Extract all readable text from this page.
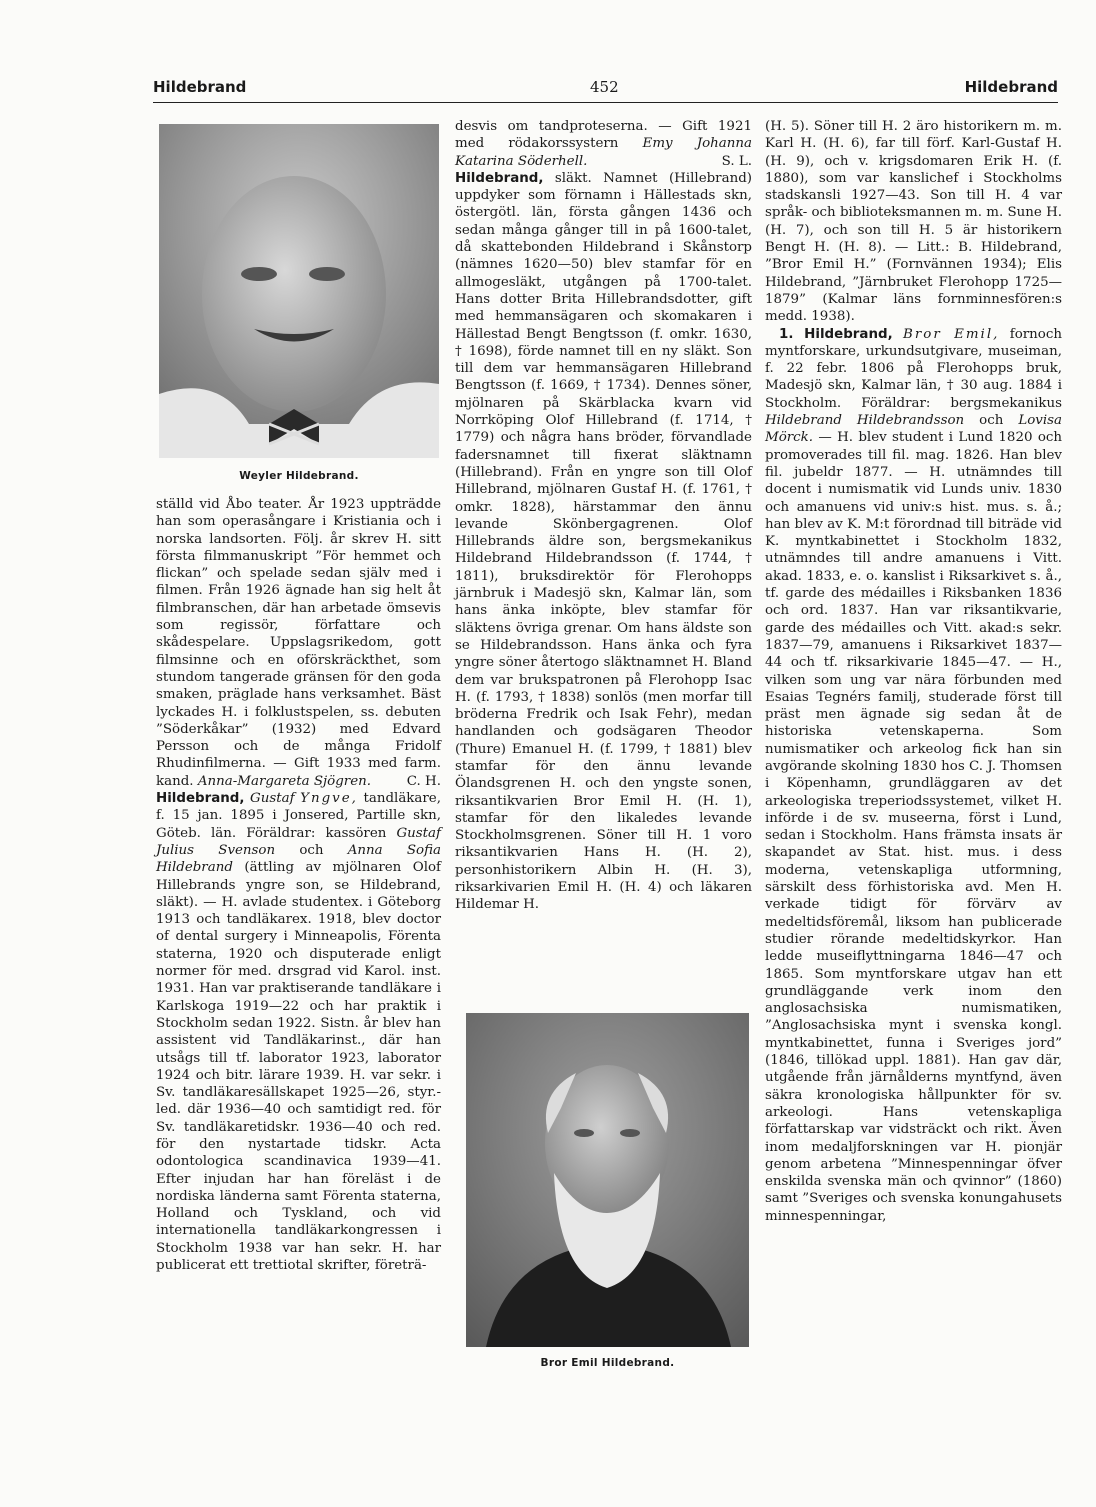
Hildebrand	452	Hildebrand
Weyler Hildebrand.
Bror Emil Hildebrand.

ställd vid Åbo teater. År 1923 uppträdde han som operasångare i Kristiania och i norska landsorten. Följ. år skrev H. sitt första filmmanuskript ”För hemmet och flickan” och spelade sedan själv med i filmen. Från 1926 ägnade han sig helt åt filmbranschen, där han arbetade ömsevis som regissör, författare och skådespelare. Uppslagsrikedom, gott filmsinne och en oförskräckthet, som stundom tangerade gränsen för den goda smaken, präglade hans verksamhet. Bäst lyckades H. i folklustspelen, ss. debuten ”Söderkåkar” (1932) med Edvard Persson och de många Fridolf Rhudinfilmerna. — Gift 1933 med farm. kand. Anna-Margareta Sjögren.	C. H.

Hildebrand, Gustaf Yngve, tandläkare, f. 15 jan. 1895 i Jonsered, Partille skn, Göteb. län. Föräldrar: kassören Gustaf Julius Svenson och Anna Sofia Hildebrand (ättling av mjölnaren Olof Hillebrands yngre son, se Hildebrand, släkt). — H. avlade studentex. i Göteborg 1913 och tandläkarex. 1918, blev doctor of dental surgery i Minneapolis, Förenta staterna, 1920 och disputerade enligt normer för med. drsgrad vid Karol. inst. 1931. Han var praktiserande tandläkare i Karlskoga 1919—22 och har praktik i Stockholm sedan 1922. Sistn. år blev han assistent vid Tandläkarinst., där han utsågs till tf. laborator 1923, laborator 1924 och bitr. lärare 1939. H. var sekr. i Sv. tandläkaresällskapet 1925—26, styr.-led. där 1936—40 och samtidigt red. för Sv. tandläkaretidskr. 1936—40 och red. för den nystartade tidskr. Acta odontologica scandinavica 1939—41. Efter injudan har han föreläst i de nordiska länderna samt Förenta staterna, Holland och Tyskland, och vid internationella tandläkarkongressen i Stockholm 1938 var han sekr. H. har publicerat ett trettiotal skrifter, företrä-

desvis om tandproteserna. — Gift 1921 med rödakorssystern Emy Johanna Katarina Söderhell.	S. L.

Hildebrand, släkt. Namnet (Hillebrand) uppdyker som förnamn i Hällestads skn, östergötl. län, första gången 1436 och sedan många gånger till in på 1600-talet, då skattebonden Hildebrand i Skånstorp (nämnes 1620—50) blev stamfar för en allmogesläkt, utgången på 1700-talet. Hans dotter Brita Hillebrandsdotter, gift med hemmansägaren och skomakaren i Hällestad Bengt Bengtsson (f. omkr. 1630, † 1698), förde namnet till en ny släkt. Son till dem var hemmansägaren Hillebrand Bengtsson (f. 1669, † 1734). Dennes söner, mjölnaren på Skärblacka kvarn vid Norrköping Olof Hillebrand (f. 1714, † 1779) och några hans bröder, förvandlade fadersnamnet till fixerat släktnamn (Hillebrand). Från en yngre son till Olof Hillebrand, mjölnaren Gustaf H. (f. 1761, † omkr. 1828), härstammar den ännu levande Skönbergagrenen. Olof Hillebrands äldre son, bergsmekanikus Hildebrand Hildebrandsson (f. 1744, † 1811), bruksdirektör för Flerohopps järnbruk i Madesjö skn, Kalmar län, som hans änka inköpte, blev stamfar för släktens övriga grenar. Om hans äldste son se Hildebrandsson. Hans änka och fyra yngre söner återtogo släktnamnet H. Bland dem var brukspatronen på Flerohopp Isac H. (f. 1793, † 1838) sonlös (men morfar till bröderna Fredrik och Isak Fehr), medan handlanden och godsägaren Theodor (Thure) Emanuel H. (f. 1799, † 1881) blev stamfar för den ännu levande Ölandsgrenen H. och den yngste sonen, riksantikvarien Bror Emil H. (H. 1), stamfar för den likaledes levande Stockholmsgrenen. Söner till H. 1 voro riksantikvarien Hans H. (H. 2), personhistorikern Albin H. (H. 3), riksarkivarien Emil H. (H. 4) och läkaren Hildemar H.

(H. 5). Söner till H. 2 äro historikern m. m. Karl H. (H. 6), far till förf. Karl-Gustaf H. (H. 9), och v. krigsdomaren Erik H. (f. 1880), som var kanslichef i Stockholms stadskansli 1927—43. Son till H. 4 var språk- och biblioteksmannen m. m. Sune H. (H. 7), och son till H. 5 är historikern Bengt H. (H. 8). — Litt.: B. Hildebrand, ”Bror Emil H.” (Fornvännen 1934); Elis Hildebrand, ”Järnbruket Flerohopp 1725—1879” (Kalmar läns fornminnesfören:s medd. 1938).

1. Hildebrand, Bror Emil, fornoch myntforskare, urkundsutgivare, museiman, f. 22 febr. 1806 på Flerohopps bruk, Madesjö skn, Kalmar län, † 30 aug. 1884 i Stockholm. Föräldrar: bergsmekanikus Hildebrand Hildebrandsson och Lovisa Mörck. — H. blev student i Lund 1820 och promoverades till fil. mag. 1826. Han blev fil. jubeldr 1877. — H. utnämndes till docent i numismatik vid Lunds univ. 1830 och amanuens vid univ:s hist. mus. s. å.; han blev av K. M:t förordnad till biträde vid K. myntkabinettet i Stockholm 1832, utnämndes till andre amanuens i Vitt. akad. 1833, e. o. kanslist i Riksarkivet s. å., tf. garde des médailles i Riksbanken 1836 och ord. 1837. Han var riksantikvarie, garde des médailles och Vitt. akad:s sekr. 1837—79, amanuens i Riksarkivet 1837—44 och tf. riksarkivarie 1845—47. — H., vilken som ung var nära förbunden med Esaias Tegnérs familj, studerade först till präst men ägnade sig sedan åt de historiska vetenskaperna. Som numismatiker och arkeolog fick han sin avgörande skolning 1830 hos C. J. Thomsen i Köpenhamn, grundläggaren av det arkeologiska treperiodssystemet, vilket H. införde i de sv. museerna, först i Lund, sedan i Stockholm. Hans främsta insats är skapandet av Stat. hist. mus. i dess moderna, vetenskapliga utformning, särskilt dess förhistoriska avd. Men H. verkade tidigt för förvärv av medeltidsföremål, liksom han publicerade studier rörande medeltidskyrkor. Han ledde museiflyttningarna 1846—47 och 1865. Som myntforskare utgav han ett grundläggande verk inom den anglosachsiska numismatiken, ”Anglosachsiska mynt i svenska kongl. myntkabinettet, funna i Sveriges jord” (1846, tillökad uppl. 1881). Han gav där, utgående från järnålderns myntfynd, även säkra kronologiska hållpunkter för sv. arkeologi. Hans vetenskapliga författarskap var vidsträckt och rikt. Även inom medaljforskningen var H. pionjär genom arbetena ”Minnespenningar öfver enskilda svenska män och qvinnor” (1860) samt ”Sveriges och svenska konungahusets minnespenningar,
